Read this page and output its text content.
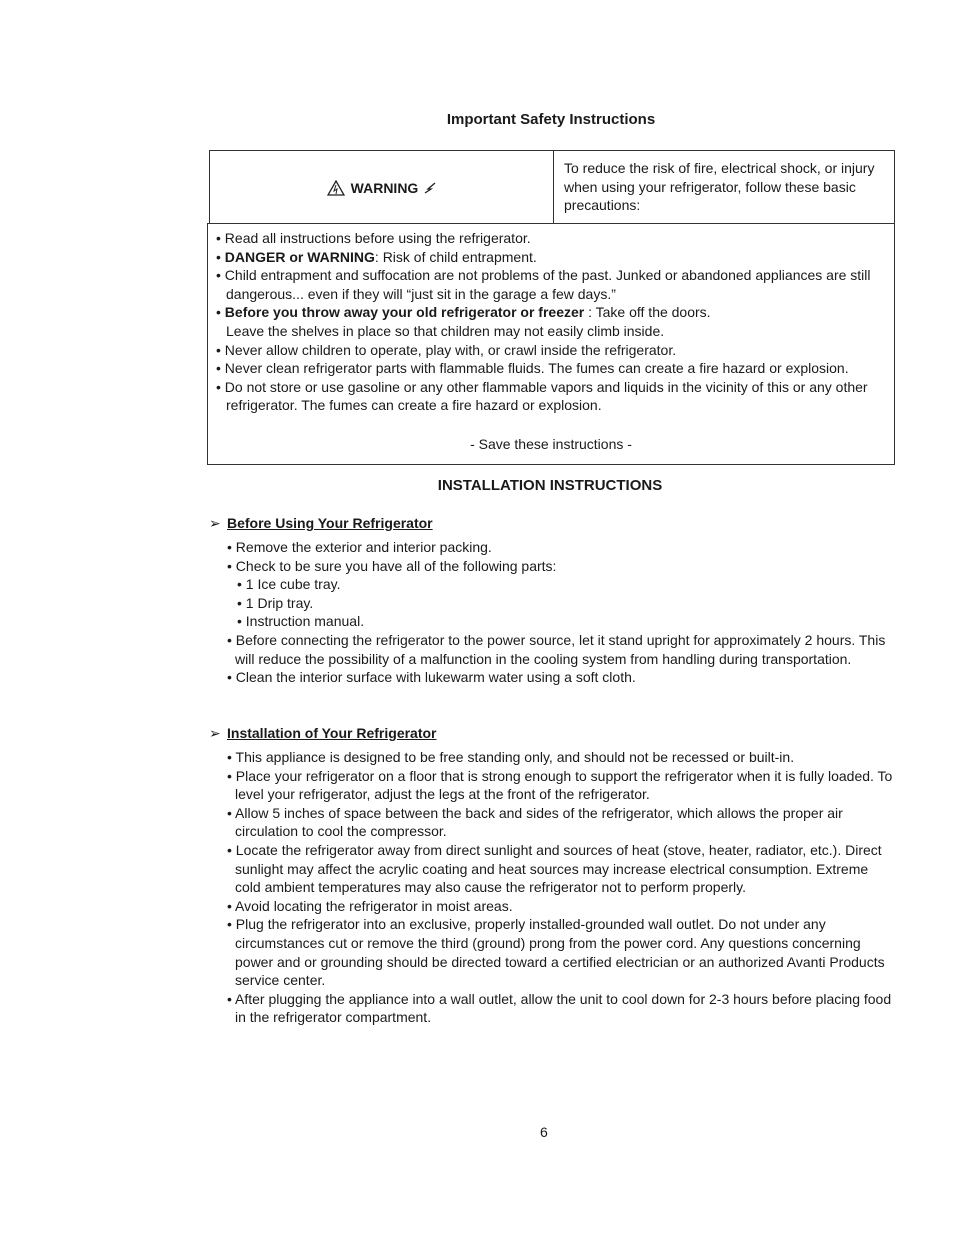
Important Safety Instructions
WARNING
To reduce the risk of fire, electrical shock, or injury when using your refrigerator, follow these basic precautions:
• Read all instructions before using the refrigerator.
• DANGER or WARNING: Risk of child entrapment.
• Child entrapment and suffocation are not problems of the past. Junked or abandoned appliances are still dangerous... even if they will “just sit in the garage a few days.”
• Before you throw away your old refrigerator or freezer : Take off the doors.
Leave the shelves in place so that children may not easily climb inside.
• Never allow children to operate, play with, or crawl inside the refrigerator.
• Never clean refrigerator parts with flammable fluids. The fumes can create a fire hazard or explosion.
• Do not store or use gasoline or any other flammable vapors and liquids in the vicinity of this or any other refrigerator. The fumes can create a fire hazard or explosion.
- Save these instructions -
INSTALLATION INSTRUCTIONS
➢ Before Using Your Refrigerator
• Remove the exterior and interior packing.
• Check to be sure you have all of the following parts:
• 1 Ice cube tray.
• 1 Drip tray.
• Instruction manual.
• Before connecting the refrigerator to the power source, let it stand upright for approximately 2 hours. This will reduce the possibility of a malfunction in the cooling system from handling during transportation.
• Clean the interior surface with lukewarm water using a soft cloth.
➢ Installation of Your Refrigerator
• This appliance is designed to be free standing only, and should not be recessed or built-in.
• Place your refrigerator on a floor that is strong enough to support the refrigerator when it is fully loaded. To level your refrigerator, adjust the legs at the front of the refrigerator.
• Allow 5 inches of space between the back and sides of the refrigerator, which allows the proper air circulation to cool the compressor.
• Locate the refrigerator away from direct sunlight and sources of heat (stove, heater, radiator, etc.). Direct sunlight may affect the acrylic coating and heat sources may increase electrical consumption. Extreme cold ambient temperatures may also cause the refrigerator not to perform properly.
• Avoid locating the refrigerator in moist areas.
• Plug the refrigerator into an exclusive, properly installed-grounded wall outlet. Do not under any circumstances cut or remove the third (ground) prong from the power cord. Any questions concerning power and or grounding should be directed toward a certified electrician or an authorized Avanti Products service center.
• After plugging the appliance into a wall outlet, allow the unit to cool down for 2-3 hours before placing food in the refrigerator compartment.
6
